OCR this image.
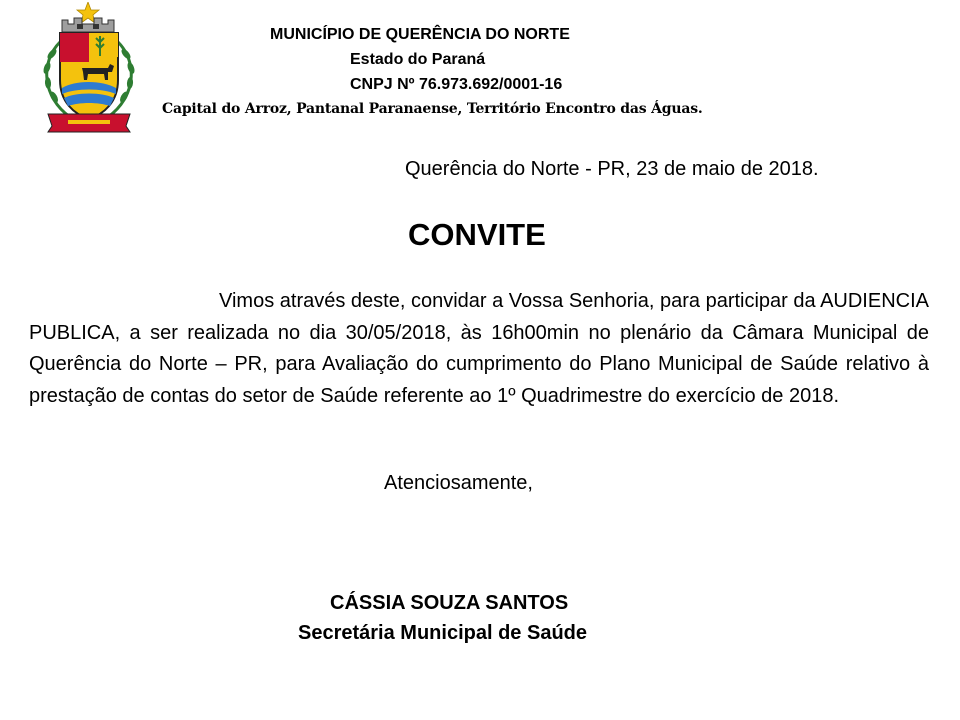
MUNICÍPIO DE QUERÊNCIA DO NORTE
Estado do Paraná
CNPJ Nº 76.973.692/0001-16
Capital do Arroz, Pantanal Paranaense, Território Encontro das Águas.
Querência do Norte - PR, 23 de maio de 2018.
CONVITE
Vimos através deste, convidar a Vossa Senhoria, para participar da AUDIENCIA PUBLICA, a ser realizada no dia 30/05/2018, às 16h00min no plenário da Câmara Municipal de Querência do Norte – PR, para Avaliação do cumprimento do Plano Municipal de Saúde relativo à prestação de contas do setor de Saúde referente ao 1º Quadrimestre do exercício de 2018.
Atenciosamente,
CÁSSIA SOUZA SANTOS
Secretária Municipal de Saúde
